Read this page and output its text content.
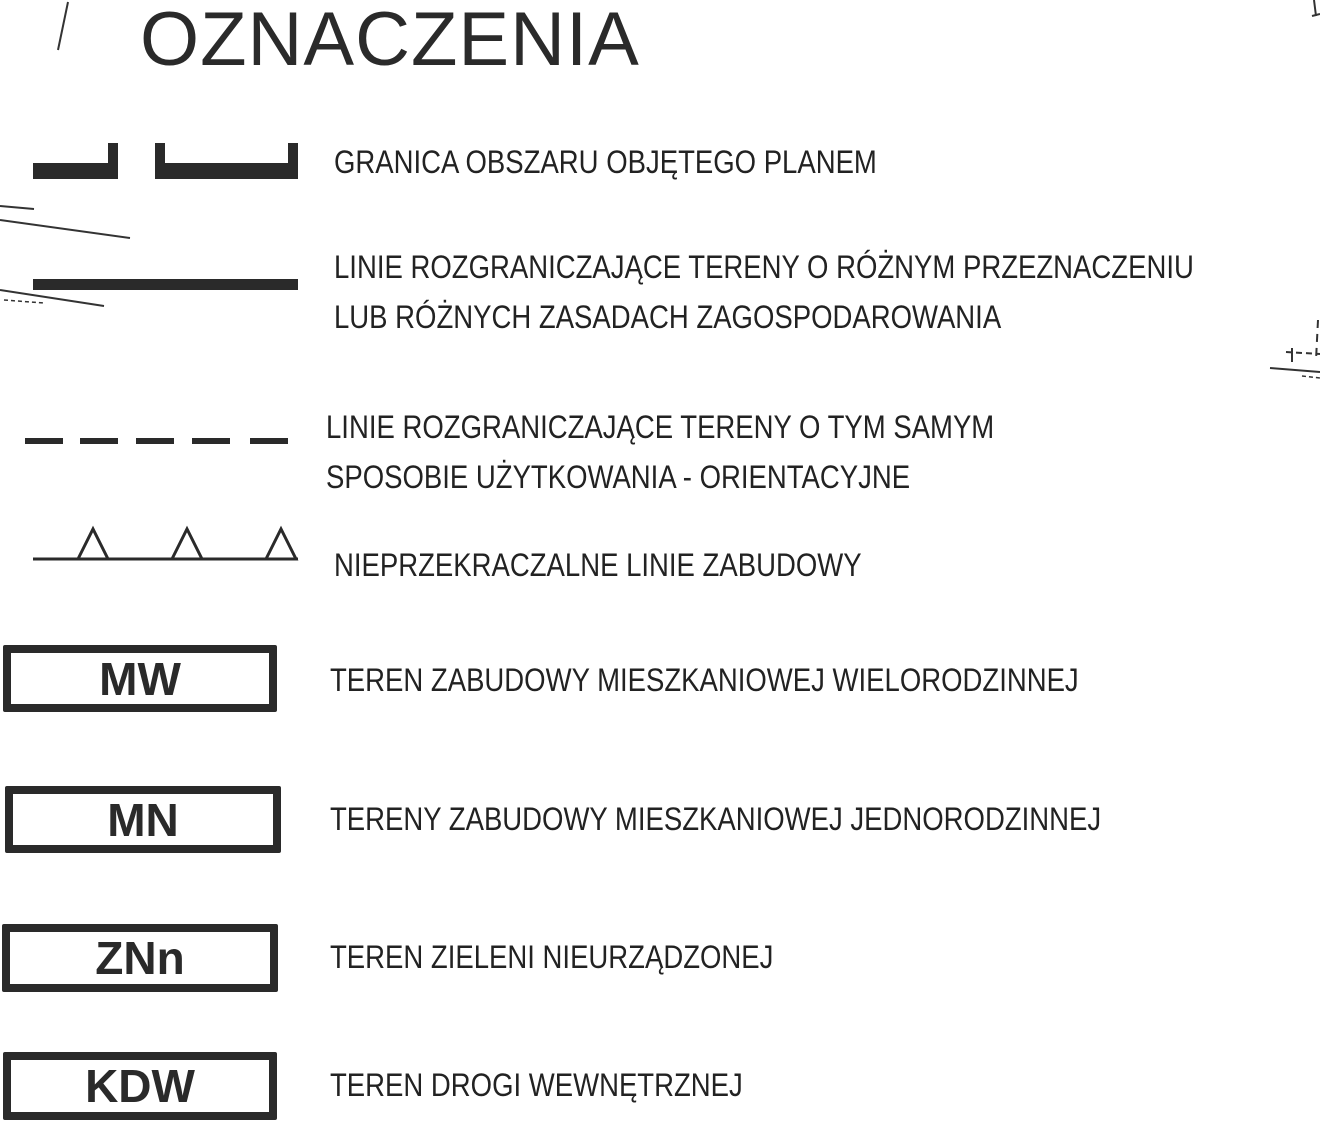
OZNACZENIA
GRANICA OBSZARU OBJĘTEGO PLANEM
LINIE ROZGRANICZAJĄCE TERENY O RÓŻNYM PRZEZNACZENIU
LUB RÓŻNYCH ZASADACH ZAGOSPODAROWANIA
LINIE ROZGRANICZAJĄCE TERENY O TYM SAMYM
SPOSOBIE UŻYTKOWANIA - ORIENTACYJNE
NIEPRZEKRACZALNE LINIE ZABUDOWY
MW	TEREN ZABUDOWY MIESZKANIOWEJ WIELORODZINNEJ
MN	TERENY ZABUDOWY MIESZKANIOWEJ JEDNORODZINNEJ
ZNn	TEREN ZIELENI NIEURZĄDZONEJ
KDW	TEREN DROGI WEWNĘTRZNEJ
